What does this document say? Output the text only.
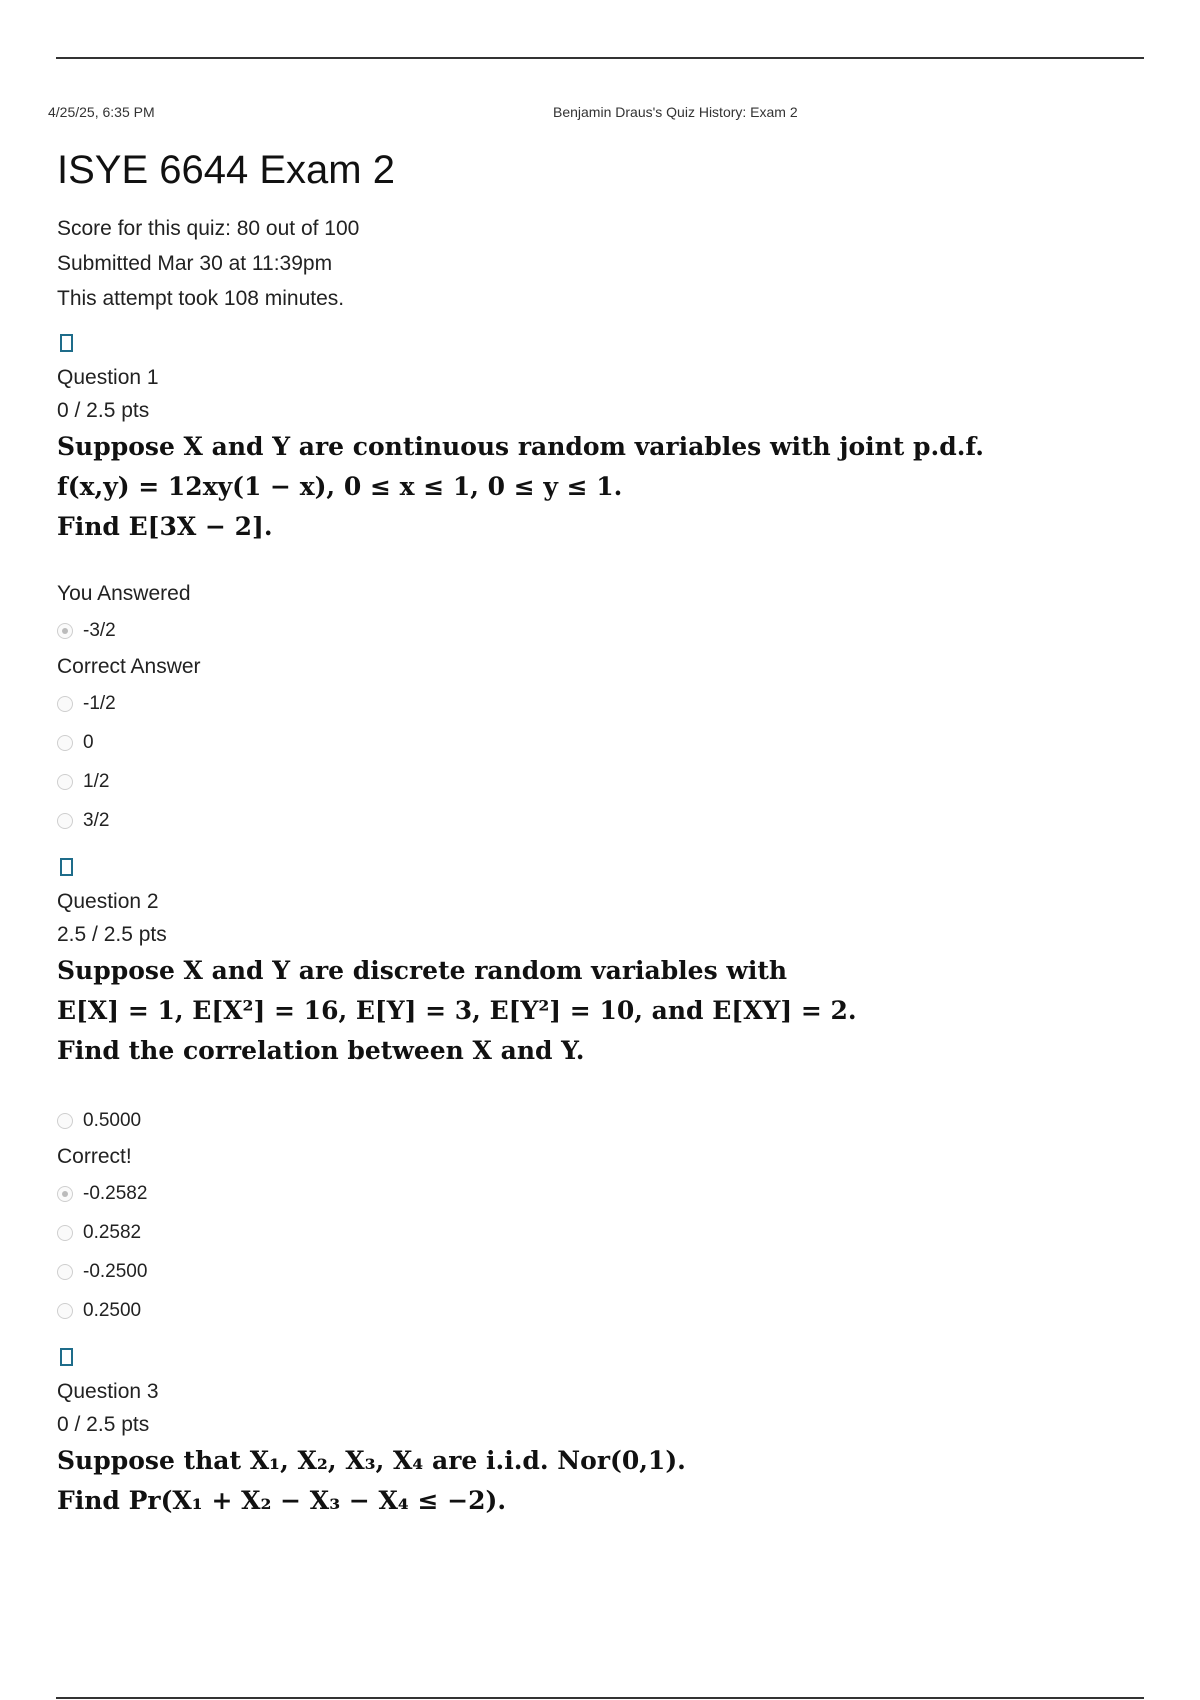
4/25/25, 6:35 PM	Benjamin Draus's Quiz History: Exam 2
ISYE 6644 Exam 2
Score for this quiz: 80 out of 100
Submitted Mar 30 at 11:39pm
This attempt took 108 minutes.
Question 1
0 / 2.5 pts
Suppose X and Y are continuous random variables with joint p.d.f.
f(x,y) = 12xy(1 − x), 0 ≤ x ≤ 1, 0 ≤ y ≤ 1.
Find E[3X − 2].
You Answered
-3/2
Correct Answer
-1/2
0
1/2
3/2
Question 2
2.5 / 2.5 pts
Suppose X and Y are discrete random variables with
E[X] = 1, E[X²] = 16, E[Y] = 3, E[Y²] = 10, and E[XY] = 2.
Find the correlation between X and Y.
0.5000
Correct!
-0.2582
0.2582
-0.2500
0.2500
Question 3
0 / 2.5 pts
Suppose that X₁, X₂, X₃, X₄ are i.i.d. Nor(0,1).
Find Pr(X₁ + X₂ − X₃ − X₄ ≤ −2).
